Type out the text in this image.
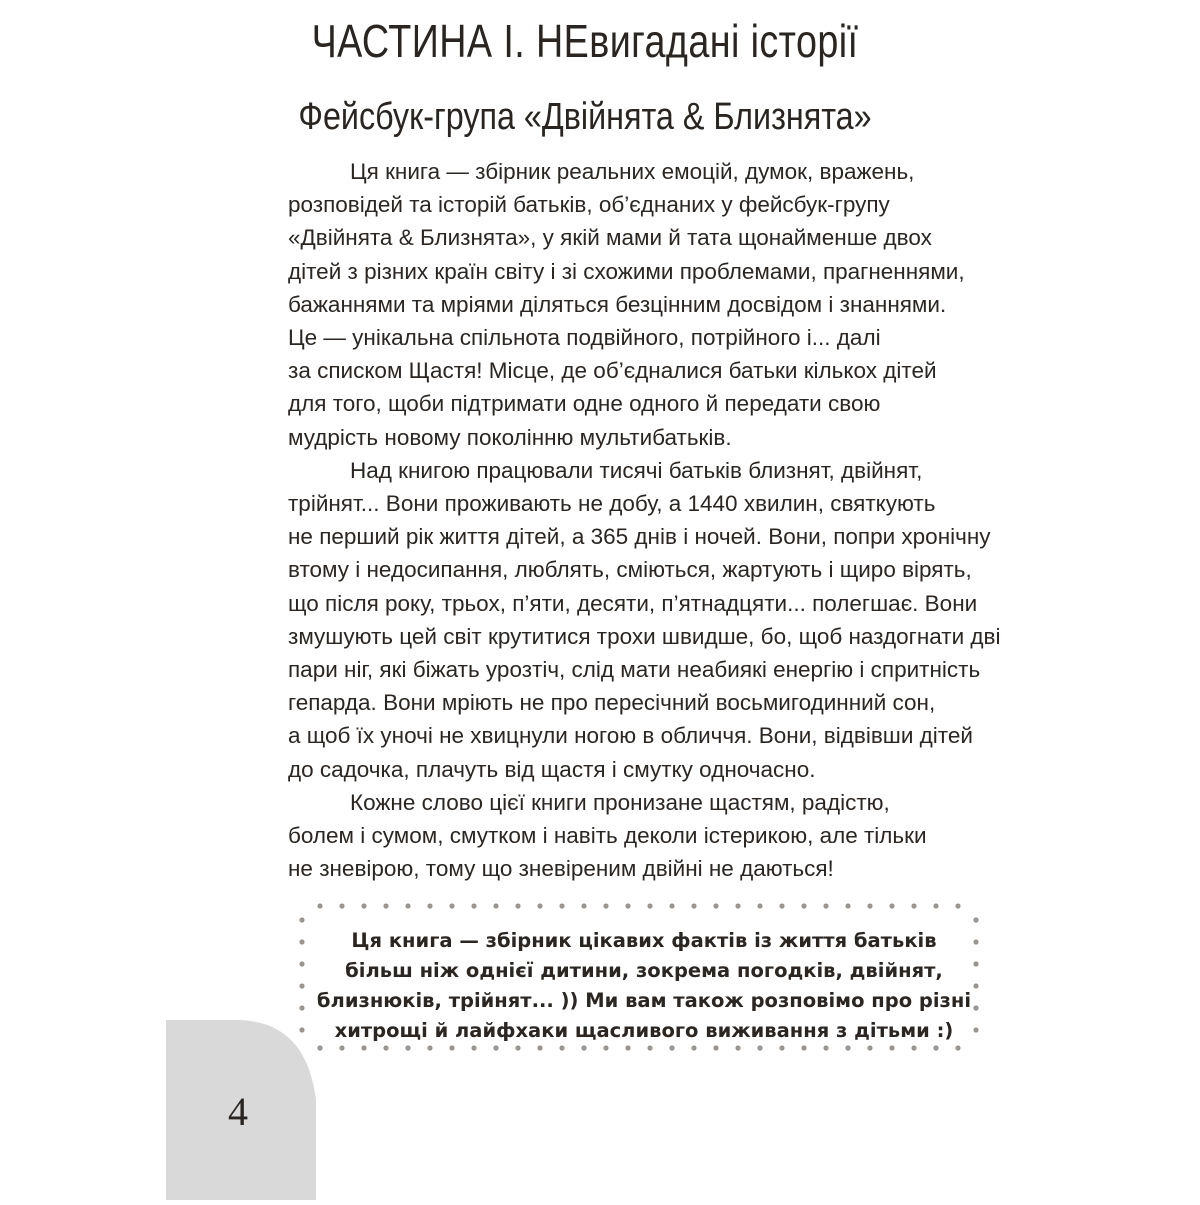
4
ЧАСТИНА І. НЕвигадані історії
Фейсбук-група «Двійнята & Близнята»
Ця книга — збірник реальних емоцій, думок, вражень,
розповідей та історій батьків, об’єднаних у фейсбук-групу
«Двійнята & Близнята», у якій мами й тата щонайменше двох
дітей з різних країн світу і зі схожими проблемами, прагненнями,
бажаннями та мріями діляться безцінним досвідом і знаннями.
Це — унікальна спільнота подвійного, потрійного і... далі
за списком Щастя! Місце, де об’єдналися батьки кількох дітей
для того, щоби підтримати одне одного й передати свою
мудрість новому поколінню мультибатьків.
Над книгою працювали тисячі батьків близнят, двійнят,
трійнят... Вони проживають не добу, а 1440 хвилин, святкують
не перший рік життя дітей, а 365 днів і ночей. Вони, попри хронічну
втому і недосипання, люблять, сміються, жартують і щиро вірять,
що після року, трьох, п’яти, десяти, п’ятнадцяти... полегшає. Вони
змушують цей світ крутитися трохи швидше, бо, щоб наздогнати дві
пари ніг, які біжать урозтіч, слід мати неабиякі енергію і спритність
гепарда. Вони мріють не про пересічний восьмигодинний сон,
а щоб їх уночі не хвицнули ногою в обличчя. Вони, відвівши дітей
до садочка, плачуть від щастя і смутку одночасно.
Кожне слово цієї книги пронизане щастям, радістю,
болем і сумом, смутком і навіть деколи істерикою, але тільки
не зневірою, тому що зневіреним двійні не даються!
Ця книга — збірник цікавих фактів із життя батьків
більш ніж однієї дитини, зокрема погодків, двійнят,
близнюків, трійнят... )) Ми вам також розповімо про різні
хитрощі й лайфхаки щасливого виживання з дітьми :)
